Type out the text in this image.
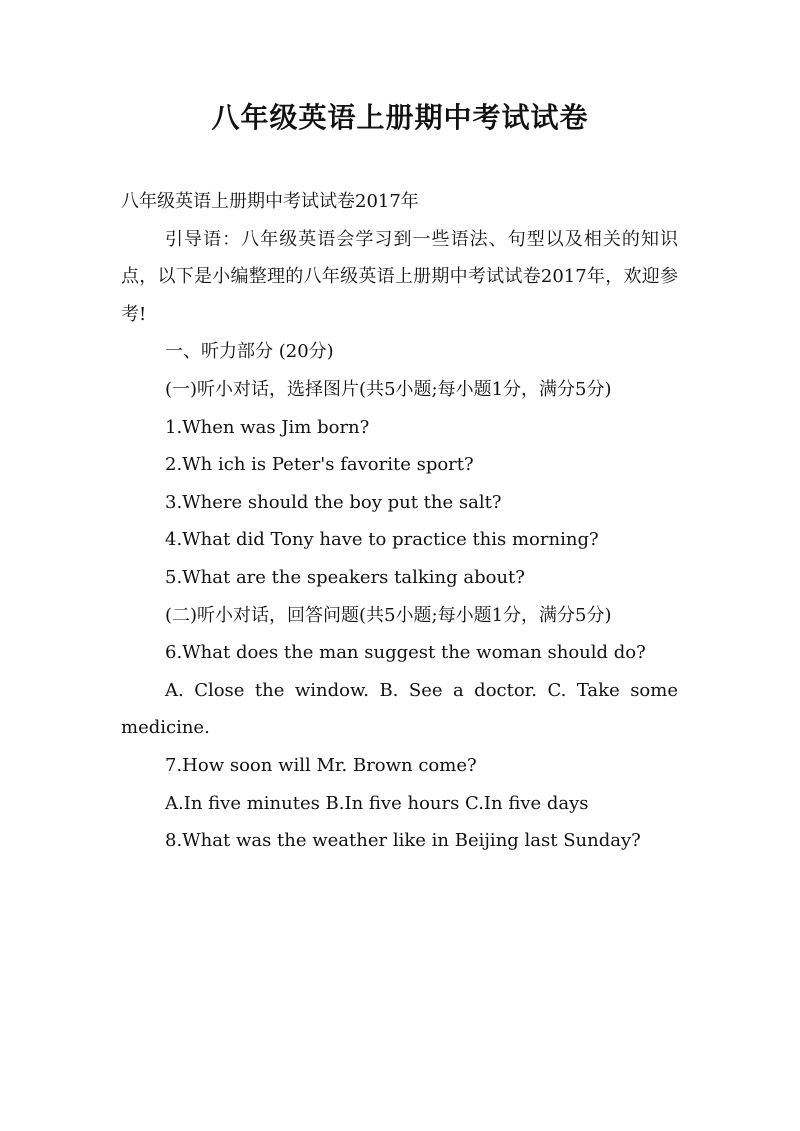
八年级英语上册期中考试试卷

八年级英语上册期中考试试卷2017年

引导语：八年级英语会学习到一些语法、句型以及相关的知识点，以下是小编整理的八年级英语上册期中考试试卷2017年，欢迎参考!

一、听力部分 (20分)

(一)听小对话，选择图片(共5小题;每小题1分，满分5分)

1.When was Jim born?

2.Wh ich is Peter's favorite sport?

3.Where should the boy put the salt?

4.What did Tony have to practice this morning?

5.What are the speakers talking about?

(二)听小对话，回答问题(共5小题;每小题1分，满分5分)

6.What does the man suggest the woman should do?

A. Close the window. B. See a doctor. C. Take some medicine.

7.How soon will Mr. Brown come?

A.In five minutes B.In five hours C.In five days

8.What was the weather like in Beijing last Sunday?
